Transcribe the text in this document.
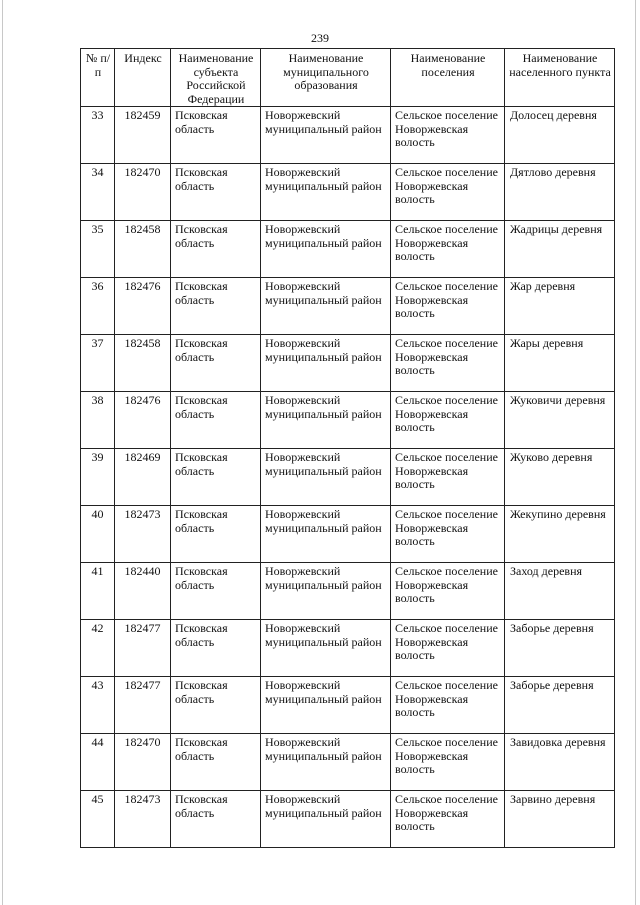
239
№ п/п	Индекс	Наименование субъекта Российской Федерации	Наименование муниципального образования	Наименование поселения	Наименование населенного пункта
33	182459	Псковская область	Новоржевский муниципальный район	Сельское поселение Новоржевская волость	Долосец деревня
34	182470	Псковская область	Новоржевский муниципальный район	Сельское поселение Новоржевская волость	Дятлово деревня
35	182458	Псковская область	Новоржевский муниципальный район	Сельское поселение Новоржевская волость	Жадрицы деревня
36	182476	Псковская область	Новоржевский муниципальный район	Сельское поселение Новоржевская волость	Жар деревня
37	182458	Псковская область	Новоржевский муниципальный район	Сельское поселение Новоржевская волость	Жары деревня
38	182476	Псковская область	Новоржевский муниципальный район	Сельское поселение Новоржевская волость	Жуковичи деревня
39	182469	Псковская область	Новоржевский муниципальный район	Сельское поселение Новоржевская волость	Жуково деревня
40	182473	Псковская область	Новоржевский муниципальный район	Сельское поселение Новоржевская волость	Жекупино деревня
41	182440	Псковская область	Новоржевский муниципальный район	Сельское поселение Новоржевская волость	Заход деревня
42	182477	Псковская область	Новоржевский муниципальный район	Сельское поселение Новоржевская волость	Заборье деревня
43	182477	Псковская область	Новоржевский муниципальный район	Сельское поселение Новоржевская волость	Заборье деревня
44	182470	Псковская область	Новоржевский муниципальный район	Сельское поселение Новоржевская волость	Завидовка деревня
45	182473	Псковская область	Новоржевский муниципальный район	Сельское поселение Новоржевская волость	Зарвино деревня
